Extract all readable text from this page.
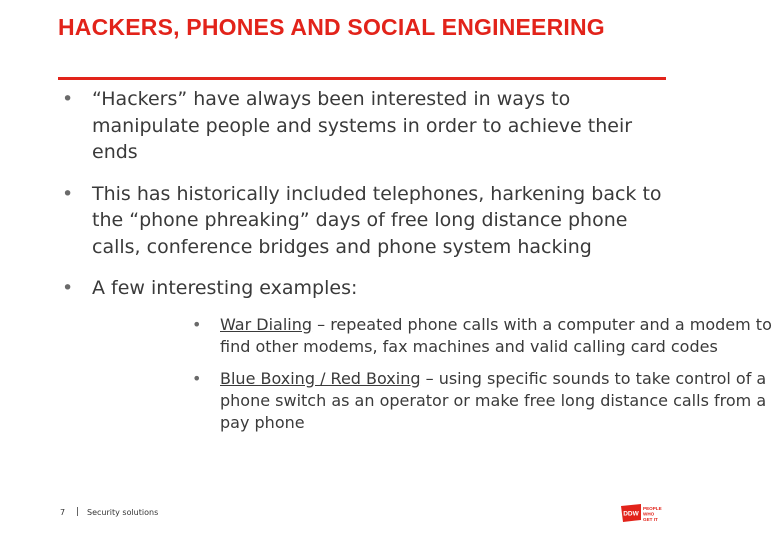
HACKERS, PHONES AND SOCIAL ENGINEERING
• “Hackers” have always been interested in ways to manipulate people and systems in order to achieve their ends
• This has historically included telephones, harkening back to the “phone phreaking” days of free long distance phone calls, conference bridges and phone system hacking
• A few interesting examples:
• War Dialing – repeated phone calls with a computer and a modem to find other modems, fax machines and valid calling card codes
• Blue Boxing / Red Boxing – using specific sounds to take control of a phone switch as an operator or make free long distance calls from a pay phone
7 | Security solutions	DDW
PEOPLE
WHO
GET IT
